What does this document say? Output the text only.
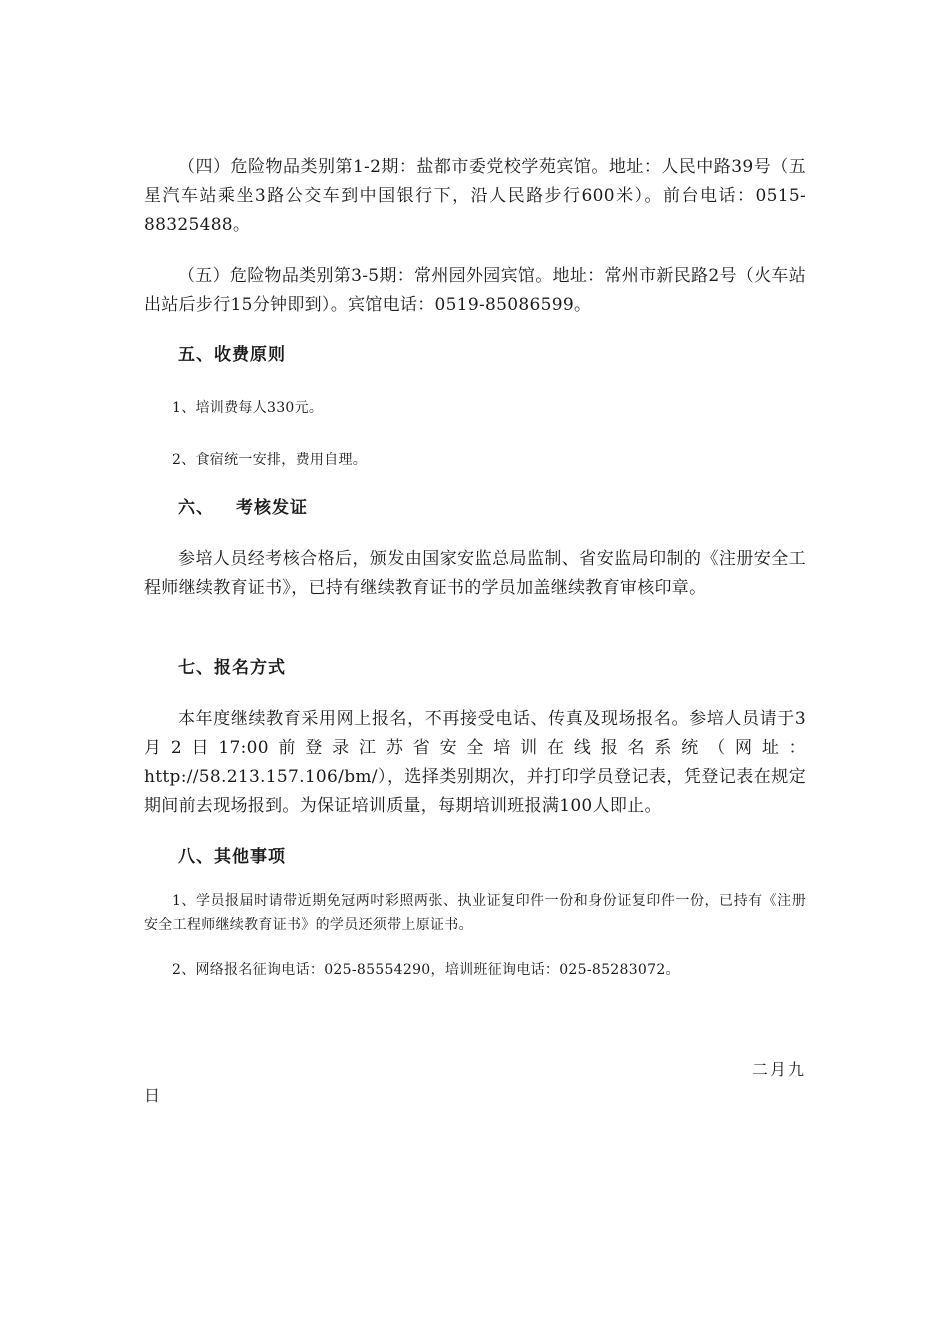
（四）危险物品类别第1-2期：盐都市委党校学苑宾馆。地址：人民中路39号（五星汽车站乘坐3路公交车到中国银行下，沿人民路步行600米）。前台电话：0515-88325488。

（五）危险物品类别第3-5期：常州园外园宾馆。地址：常州市新民路2号（火车站出站后步行15分钟即到）。宾馆电话：0519-85086599。

五、收费原则

1、培训费每人330元。

2、食宿统一安排，费用自理。

六、 考核发证

参培人员经考核合格后，颁发由国家安监总局监制、省安监局印制的《注册安全工程师继续教育证书》，已持有继续教育证书的学员加盖继续教育审核印章。

七、报名方式

本年度继续教育采用网上报名，不再接受电话、传真及现场报名。参培人员请于3月2日17:00前登录江苏省安全培训在线报名系统（网址：http://58.213.157.106/bm/），选择类别期次，并打印学员登记表，凭登记表在规定期间前去现场报到。为保证培训质量，每期培训班报满100人即止。

八、其他事项

1、学员报届时请带近期免冠两吋彩照两张、执业证复印件一份和身份证复印件一份，已持有《注册安全工程师继续教育证书》的学员还须带上原证书。

2、网络报名征询电话：025-85554290，培训班征询电话：025-85283072。

二月九

日
